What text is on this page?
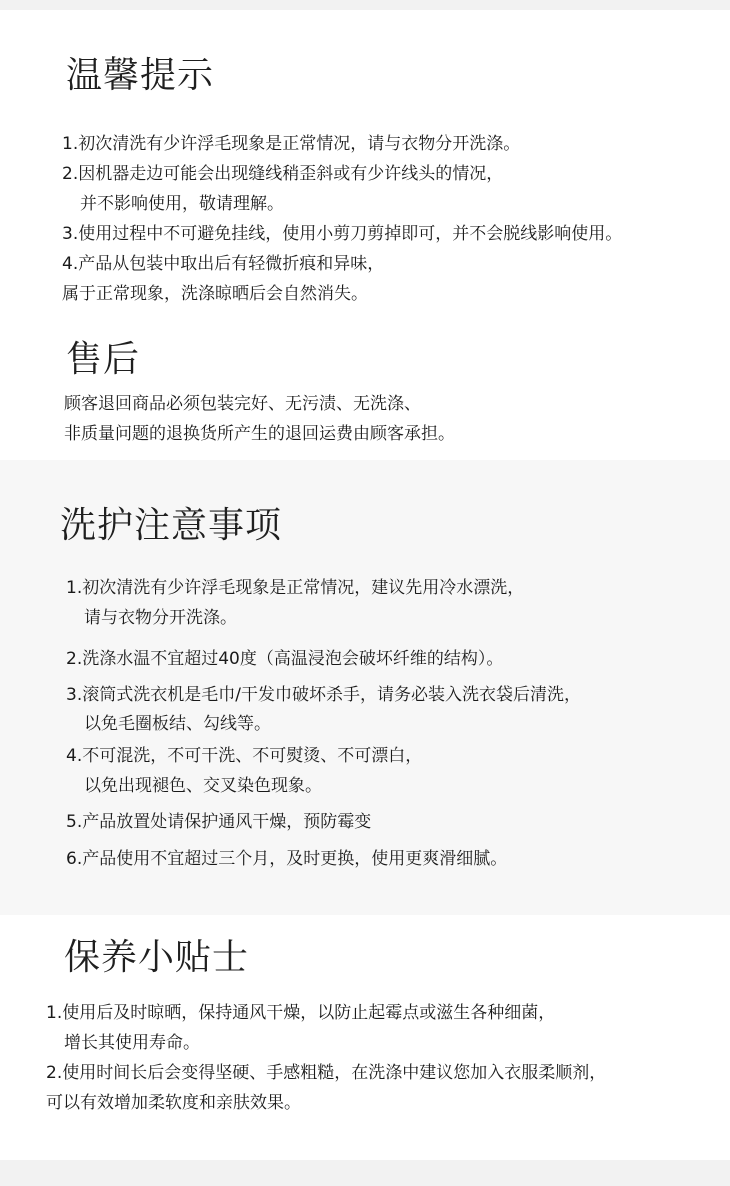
温馨提示
1.初次清洗有少许浮毛现象是正常情况，请与衣物分开洗涤。
2.因机器走边可能会出现缝线稍歪斜或有少许线头的情况，
并不影响使用，敬请理解。
3.使用过程中不可避免挂线，使用小剪刀剪掉即可，并不会脱线影响使用。
4.产品从包装中取出后有轻微折痕和异味，
属于正常现象，洗涤晾晒后会自然消失。
售后
顾客退回商品必须包装完好、无污渍、无洗涤、
非质量问题的退换货所产生的退回运费由顾客承担。
洗护注意事项
1.初次清洗有少许浮毛现象是正常情况，建议先用冷水漂洗，
请与衣物分开洗涤。
2.洗涤水温不宜超过40度（高温浸泡会破坏纤维的结构）。
3.滚筒式洗衣机是毛巾/干发巾破坏杀手，请务必装入洗衣袋后清洗，
以免毛圈板结、勾线等。
4.不可混洗，不可干洗、不可熨烫、不可漂白，
以免出现褪色、交叉染色现象。
5.产品放置处请保护通风干燥，预防霉变
6.产品使用不宜超过三个月，及时更换，使用更爽滑细腻。
保养小贴士
1.使用后及时晾晒，保持通风干燥，以防止起霉点或滋生各种细菌，
增长其使用寿命。
2.使用时间长后会变得坚硬、手感粗糙，在洗涤中建议您加入衣服柔顺剂，
可以有效增加柔软度和亲肤效果。
